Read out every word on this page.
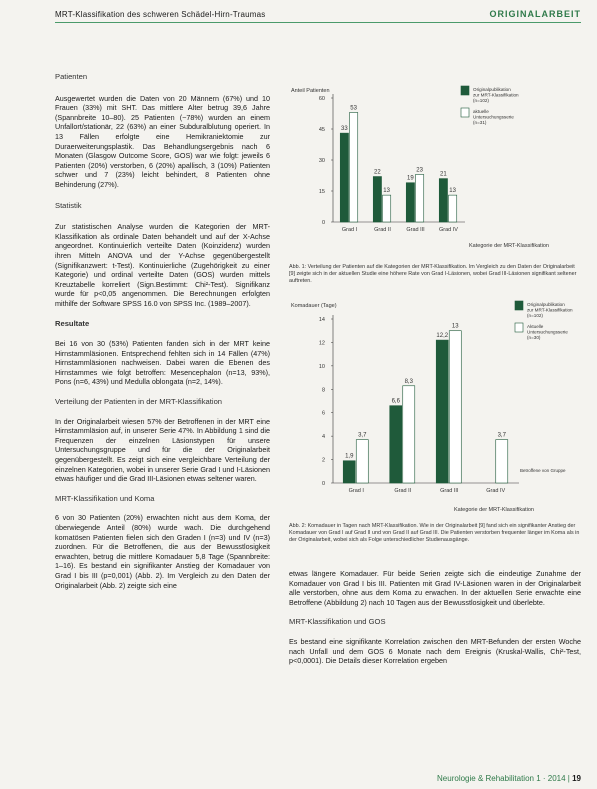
MRT-Klassifikation des schweren Schädel-Hirn-Traumas	ORIGINALARBEIT

Patienten

Ausgewertet wurden die Daten von 20 Männern (67%) und 10 Frauen (33%) mit SHT. Das mittlere Alter betrug 39,6 Jahre (Spannbreite 10–80). 25 Patienten (~78%) wurden an einem Unfallort/stationär, 22 (63%) an einer Subduralblutung operiert. In 13 Fällen erfolgte eine Hemikraniektomie zur Duraerweiterungsplastik. Das Behandlungsergebnis nach 6 Monaten (Glasgow Outcome Score, GOS) war wie folgt: jeweils 6 Patienten (20%) verstorben, 6 (20%) apallisch, 3 (10%) Patienten schwer und 7 (23%) leicht behindert, 8 Patienten ohne Behinderung (27%).

Statistik

Zur statistischen Analyse wurden die Kategorien der MRT-Klassifikation als ordinale Daten behandelt und auf der X-Achse angeordnet. Kontinuierlich verteilte Daten (Koinzidenz) wurden ihren Mitteln ANOVA und der Y-Achse gegenübergestellt (Signifikanzwert: t-Test). Kontinuierliche (Zugehörigkeit zu einer Kategorie) und ordinal verteilte Daten (GOS) wurden mittels Kreuztabelle korreliert (Sign.Bestimmt: Chi²-Test). Signifikanz wurde für p<0,05 angenommen. Die Berechnungen erfolgten mithilfe der Software SPSS 16.0 von SPSS Inc. (1989–2007).

Resultate

Bei 16 von 30 (53%) Patienten fanden sich in der MRT keine Hirnstammläsionen. Entsprechend fehlten sich in 14 Fällen (47%) Hirnstammläsionen nachweisen. Dabei waren die Ebenen des Hirnstammes wie folgt betroffen: Mesencephalon (n=13, 93%), Pons (n=6, 43%) und Medulla oblongata (n=2, 14%).

Verteilung der Patienten in der MRT-Klassifikation

In der Originalarbeit wiesen 57% der Betroffenen in der MRT eine Hirnstammläsion auf, in unserer Serie 47%. In Abbildung 1 sind die Frequenzen der einzelnen Läsionstypen für unsere Untersuchungsgruppe und für die der Originalarbeit gegenübergestellt. Es zeigt sich eine vergleichbare Verteilung der einzelnen Kategorien, wobei in unserer Serie Grad I und I-Läsionen etwas häufiger und die Grad III-Läsionen etwas seltener waren.

MRT-Klassifikation und Koma

6 von 30 Patienten (20%) erwachten nicht aus dem Koma, der überwiegende Anteil (80%) wurde wach. Die durchgehend komatösen Patienten fielen sich den Graden I (n=3) und IV (n=3) zuordnen. Für die Betroffenen, die aus der Bewusstlosigkeit erwachten, betrug die mittlere Komadauer 5,8 Tage (Spannbreite: 1–16). Es bestand ein signifikanter Anstieg der Komadauer von Grad I bis III (p=0,001) (Abb. 2). Im Vergleich zu den Daten der Originalarbeit (Abb. 2) zeigte sich eine

Anteil Patienten
0
15
30
45
60
Grad I	Grad II	Grad III	Grad IV
33
53
22
13
19
23
21
13
Originalpublikation zur MRT-Klassifikation (n=102)
aktuelle Untersuchungsserie (n=31)
Kategorie der MRT-Klassifikation
Abb. 1: Verteilung der Patienten auf die Kategorien der MRT-Klassifikation. Im Vergleich zu den Daten der Originalarbeit [9] zeigte sich in der aktuellen Studie eine höhere Rate von Grad I-Läsionen, wobei Grad III-Läsionen signifikant seltener auftreten.
Komadauer (Tage)
0
2
4
6
8
10
12
14
Grad I	Grad II	Grad III	Grad IV
1,9
3,7
6,6
8,3
12,2
13
3,7
Originalpublikation zur MRT-Klassifikation (n=102)
Aktuelle Untersuchungsserie (n=30)
Betroffene von Gruppe
Kategorie der MRT-Klassifikation
Abb. 2: Komadauer in Tagen nach MRT-Klassifikation. Wie in der Originalarbeit [9] fand sich ein signifikanter Anstieg der Komadauer von Grad I auf Grad II und von Grad II auf Grad III. Die Patienten verstorben frequenter länger im Koma als in der Originalarbeit, wobei sich als Folge unterschiedlicher Studienausgänge.

etwas längere Komadauer. Für beide Serien zeigte sich die eindeutige Zunahme der Komadauer von Grad I bis III. Patienten mit Grad IV-Läsionen waren in der Originalarbeit alle verstorben, ohne aus dem Koma zu erwachen. In der aktuellen Serie erwachte eine Betroffene (Abbildung 2) nach 10 Tagen aus der Bewusstlosigkeit und überlebte.

MRT-Klassifikation und GOS

Es bestand eine signifikante Korrelation zwischen den MRT-Befunden der ersten Woche nach Unfall und dem GOS 6 Monate nach dem Ereignis (Kruskal-Wallis, Chi²-Test, p<0,0001). Die Details dieser Korrelation ergeben

Neurologie & Rehabilitation 1 · 2014 | 19
